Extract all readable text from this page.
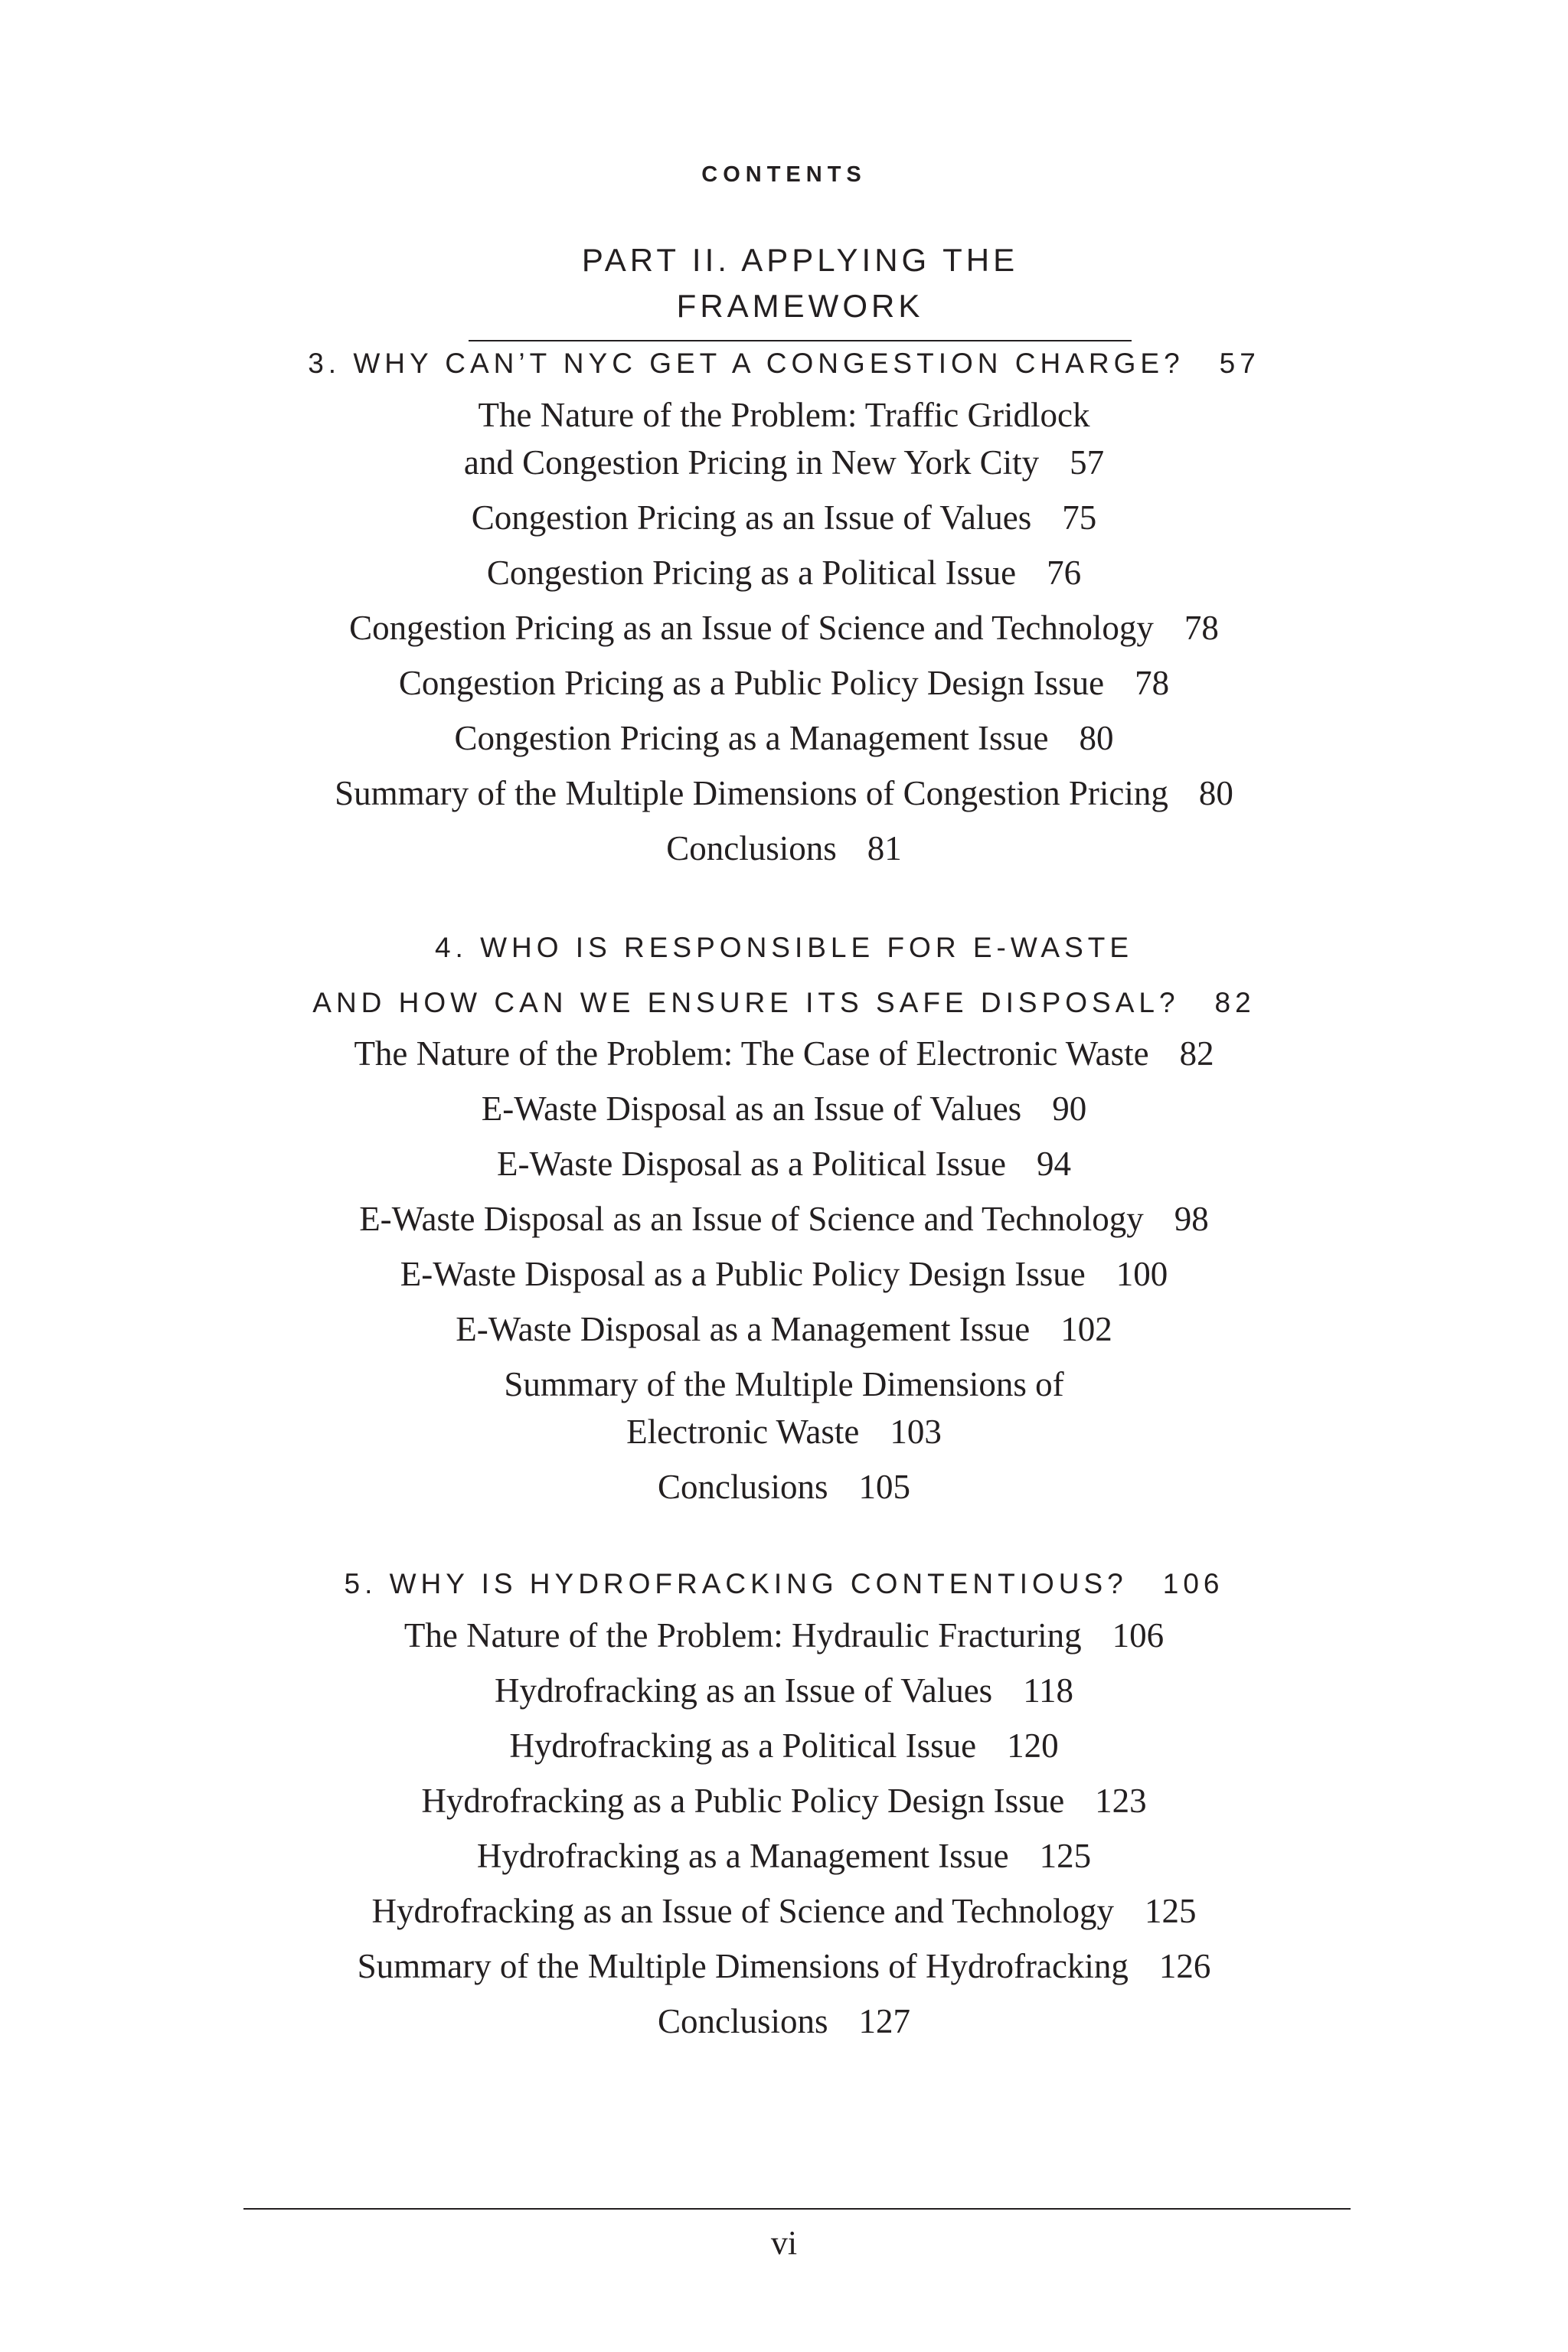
CONTENTS
PART II. APPLYING THE FRAMEWORK
3. WHY CAN’T NYC GET A CONGESTION CHARGE? 57
The Nature of the Problem: Traffic Gridlock
and Congestion Pricing in New York City 57
Congestion Pricing as an Issue of Values 75
Congestion Pricing as a Political Issue 76
Congestion Pricing as an Issue of Science and Technology 78
Congestion Pricing as a Public Policy Design Issue 78
Congestion Pricing as a Management Issue 80
Summary of the Multiple Dimensions of Congestion Pricing 80
Conclusions 81
4. WHO IS RESPONSIBLE FOR E-WASTE
AND HOW CAN WE ENSURE ITS SAFE DISPOSAL? 82
The Nature of the Problem: The Case of Electronic Waste 82
E-Waste Disposal as an Issue of Values 90
E-Waste Disposal as a Political Issue 94
E-Waste Disposal as an Issue of Science and Technology 98
E-Waste Disposal as a Public Policy Design Issue 100
E-Waste Disposal as a Management Issue 102
Summary of the Multiple Dimensions of
Electronic Waste 103
Conclusions 105
5. WHY IS HYDROFRACKING CONTENTIOUS? 106
The Nature of the Problem: Hydraulic Fracturing 106
Hydrofracking as an Issue of Values 118
Hydrofracking as a Political Issue 120
Hydrofracking as a Public Policy Design Issue 123
Hydrofracking as a Management Issue 125
Hydrofracking as an Issue of Science and Technology 125
Summary of the Multiple Dimensions of Hydrofracking 126
Conclusions 127
vi
